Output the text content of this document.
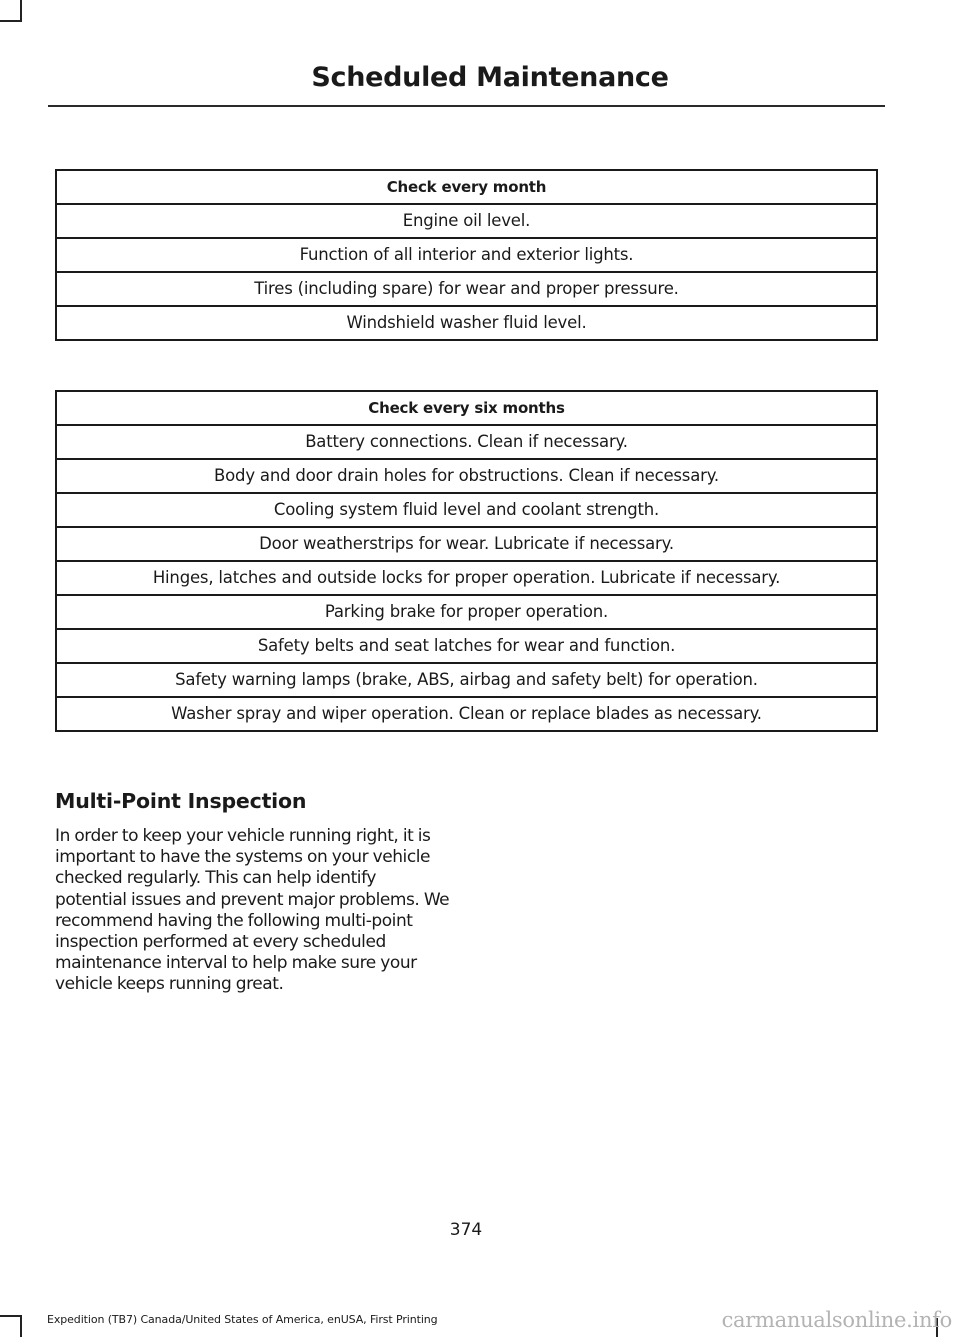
Scheduled Maintenance
Check every month
Engine oil level.
Function of all interior and exterior lights.
Tires (including spare) for wear and proper pressure.
Windshield washer fluid level.
Check every six months
Battery connections. Clean if necessary.
Body and door drain holes for obstructions. Clean if necessary.
Cooling system fluid level and coolant strength.
Door weatherstrips for wear. Lubricate if necessary.
Hinges, latches and outside locks for proper operation. Lubricate if necessary.
Parking brake for proper operation.
Safety belts and seat latches for wear and function.
Safety warning lamps (brake, ABS, airbag and safety belt) for operation.
Washer spray and wiper operation. Clean or replace blades as necessary.
Multi-Point Inspection

In order to keep your vehicle running right, it is important to have the systems on your vehicle checked regularly. This can help identify potential issues and prevent major problems. We recommend having the following multi-point inspection performed at every scheduled maintenance interval to help make sure your vehicle keeps running great.

374
Expedition (TB7) Canada/United States of America, enUSA, First Printing	carmanualsonline.info
